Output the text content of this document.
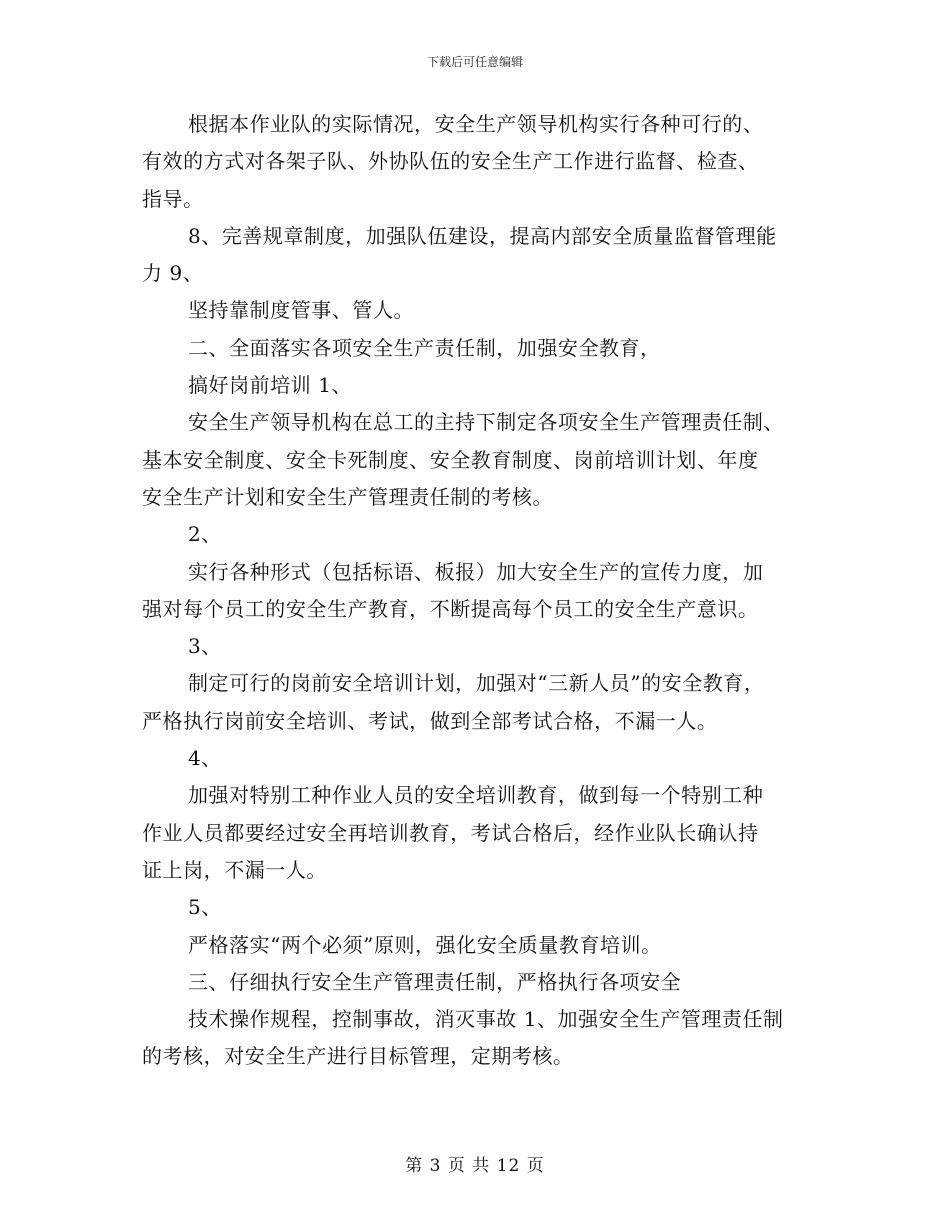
下载后可任意编辑
根据本作业队的实际情况，安全生产领导机构实行各种可行的、
有效的方式对各架子队、外协队伍的安全生产工作进行监督、检查、
指导。
8、完善规章制度，加强队伍建设，提高内部安全质量监督管理能
力 9、
坚持靠制度管事、管人。
二、全面落实各项安全生产责任制，加强安全教育，
搞好岗前培训 1、
安全生产领导机构在总工的主持下制定各项安全生产管理责任制、
基本安全制度、安全卡死制度、安全教育制度、岗前培训计划、年度
安全生产计划和安全生产管理责任制的考核。
2、
实行各种形式（包括标语、板报）加大安全生产的宣传力度，加
强对每个员工的安全生产教育，不断提高每个员工的安全生产意识。
3、
制定可行的岗前安全培训计划，加强对“三新人员”的安全教育，
严格执行岗前安全培训、考试，做到全部考试合格，不漏一人。
4、
加强对特别工种作业人员的安全培训教育，做到每一个特别工种
作业人员都要经过安全再培训教育，考试合格后，经作业队长确认持
证上岗，不漏一人。
5、
严格落实“两个必须”原则，强化安全质量教育培训。
三、仔细执行安全生产管理责任制，严格执行各项安全
技术操作规程，控制事故，消灭事故 1、加强安全生产管理责任制
的考核，对安全生产进行目标管理，定期考核。
第 3 页 共 12 页
